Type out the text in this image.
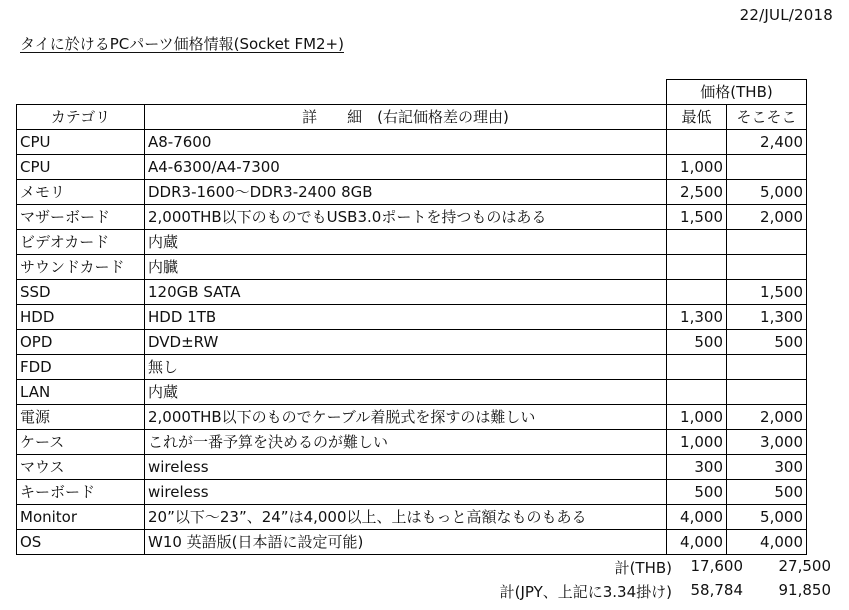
22/JUL/2018
タイに於けるPCパーツ価格情報(Socket FM2+)
		価格(THB)	
カテゴリ	詳　　細　(右記価格差の理由)	最低	そこそこ
CPU	A8-7600		2,400
CPU	A4-6300/A4-7300	1,000	
メモリ	DDR3-1600～DDR3-2400 8GB	2,500	5,000
マザーボード	2,000THB以下のものでもUSB3.0ポートを持つものはある	1,500	2,000
ビデオカード	内蔵		
サウンドカード	内臓		
SSD	120GB SATA		1,500
HDD	HDD 1TB	1,300	1,300
OPD	DVD±RW	500	500
FDD	無し		
LAN	内蔵		
電源	2,000THB以下のものでケーブル着脱式を探すのは難しい	1,000	2,000
ケース	これが一番予算を決めるのが難しい	1,000	3,000
マウス	wireless	300	300
キーボード	wireless	500	500
Monitor	20”以下～23”、24”は4,000以上、上はもっと高額なものもある	4,000	5,000
OS	W10 英語版(日本語に設定可能)	4,000	4,000
計(THB)	17,600	27,500
計(JPY、上記に3.34掛け)	58,784	91,850
